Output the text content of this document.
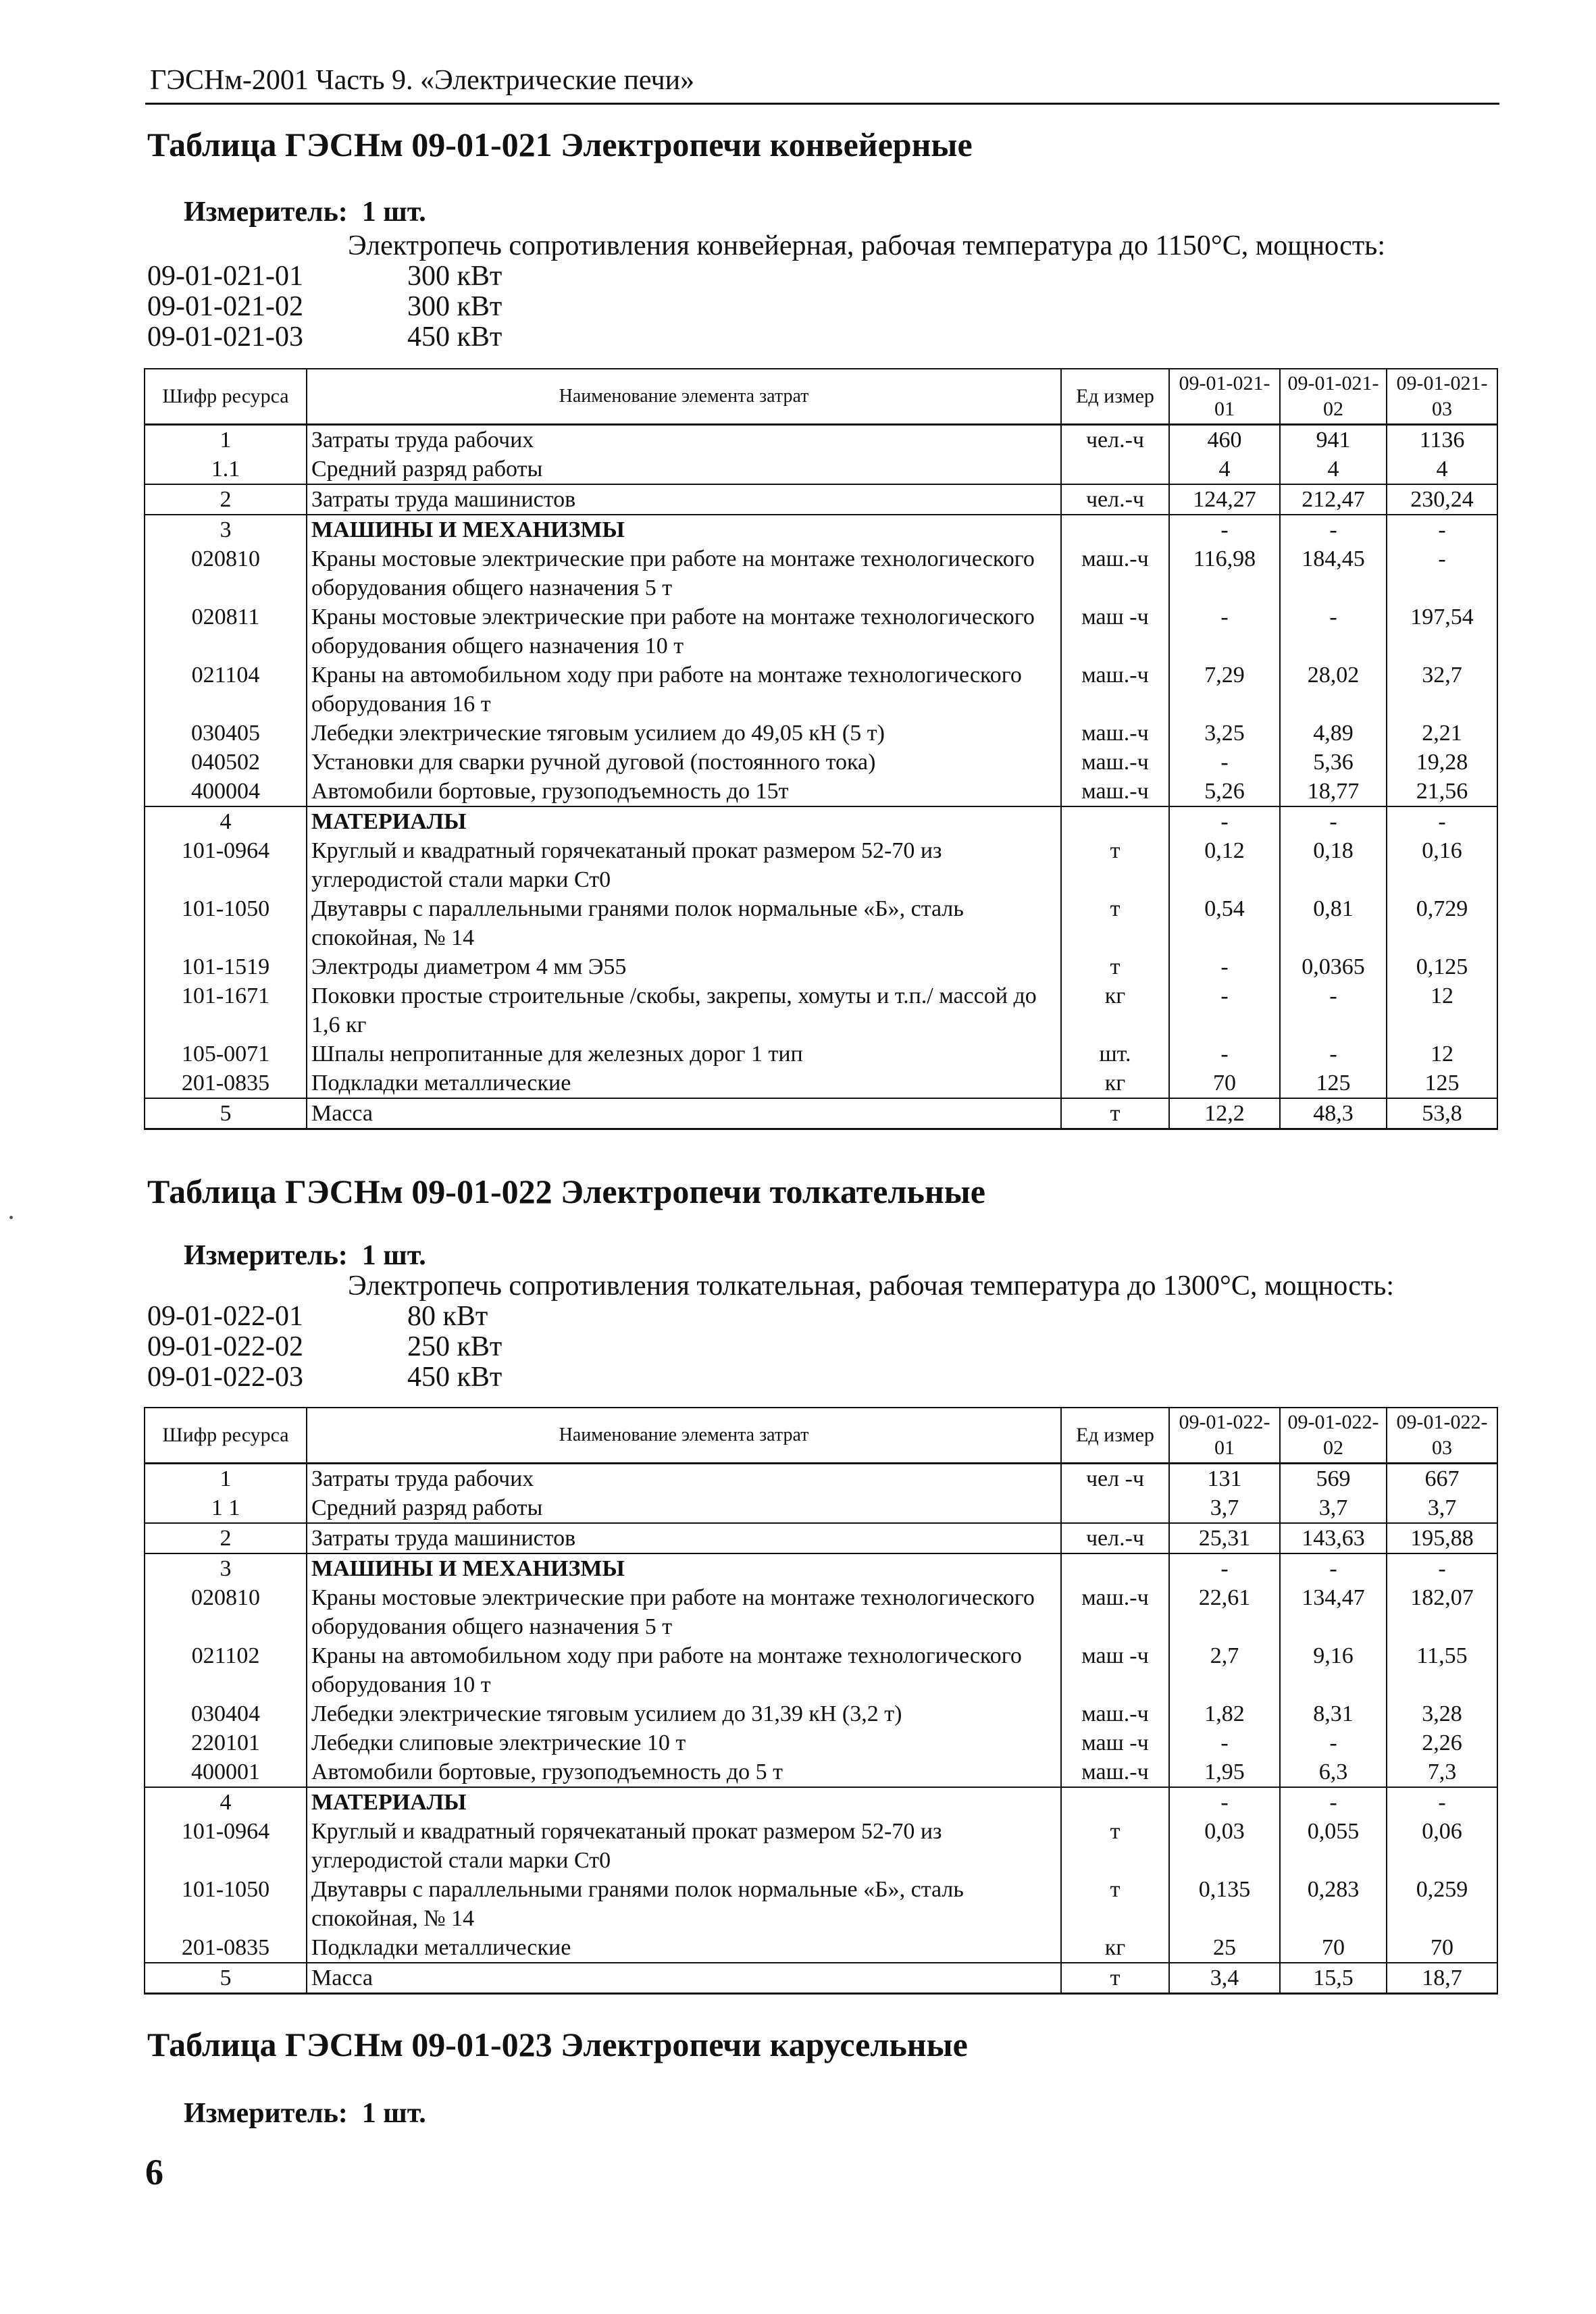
ГЭСНм-2001 Часть 9. «Электрические печи»
Таблица ГЭСНм 09-01-021 Электропечи конвейерные
Измеритель: 1 шт.
Электропечь сопротивления конвейерная, рабочая температура до 1150°С, мощность:
09-01-021-01	300 кВт
09-01-021-02	300 кВт
09-01-021-03	450 кВт
Шифр ресурса	Наименование элемента затрат	Ед измер	09-01-021-01	09-01-021-02	09-01-021-03
1	Затраты труда рабочих	чел.-ч	460	941	1136
1.1	Средний разряд работы		4	4	4
2	Затраты труда машинистов	чел.-ч	124,27	212,47	230,24
3	МАШИНЫ И МЕХАНИЗМЫ		-	-	-
020810	Краны мостовые электрические при работе на монтаже технологического оборудования общего назначения 5 т	маш.-ч	116,98	184,45	-
020811	Краны мостовые электрические при работе на монтаже технологического оборудования общего назначения 10 т	маш -ч	-	-	197,54
021104	Краны на автомобильном ходу при работе на монтаже технологического оборудования 16 т	маш.-ч	7,29	28,02	32,7
030405	Лебедки электрические тяговым усилием до 49,05 кН (5 т)	маш.-ч	3,25	4,89	2,21
040502	Установки для сварки ручной дуговой (постоянного тока)	маш.-ч	-	5,36	19,28
400004	Автомобили бортовые, грузоподъемность до 15т	маш.-ч	5,26	18,77	21,56
4	МАТЕРИАЛЫ		-	-	-
101-0964	Круглый и квадратный горячекатаный прокат размером 52-70 из углеродистой стали марки Ст0	т	0,12	0,18	0,16
101-1050	Двутавры с параллельными гранями полок нормальные «Б», сталь спокойная, № 14	т	0,54	0,81	0,729
101-1519	Электроды диаметром 4 мм Э55	т	-	0,0365	0,125
101-1671	Поковки простые строительные /скобы, закрепы, хомуты и т.п./ массой до 1,6 кг	кг	-	-	12
105-0071	Шпалы непропитанные для железных дорог 1 тип	шт.	-	-	12
201-0835	Подкладки металлические	кг	70	125	125
5	Масса	т	12,2	48,3	53,8
Таблица ГЭСНм 09-01-022 Электропечи толкательные
Измеритель: 1 шт.
Электропечь сопротивления толкательная, рабочая температура до 1300°С, мощность:
09-01-022-01	80 кВт
09-01-022-02	250 кВт
09-01-022-03	450 кВт
Шифр ресурса	Наименование элемента затрат	Ед измер	09-01-022-01	09-01-022-02	09-01-022-03
1	Затраты труда рабочих	чел -ч	131	569	667
1 1	Средний разряд работы		3,7	3,7	3,7
2	Затраты труда машинистов	чел.-ч	25,31	143,63	195,88
3	МАШИНЫ И МЕХАНИЗМЫ		-	-	-
020810	Краны мостовые электрические при работе на монтаже технологического оборудования общего назначения 5 т	маш.-ч	22,61	134,47	182,07
021102	Краны на автомобильном ходу при работе на монтаже технологического оборудования 10 т	маш -ч	2,7	9,16	11,55
030404	Лебедки электрические тяговым усилием до 31,39 кН (3,2 т)	маш.-ч	1,82	8,31	3,28
220101	Лебедки слиповые электрические 10 т	маш -ч	-	-	2,26
400001	Автомобили бортовые, грузоподъемность до 5 т	маш.-ч	1,95	6,3	7,3
4	МАТЕРИАЛЫ		-	-	-
101-0964	Круглый и квадратный горячекатаный прокат размером 52-70 из углеродистой стали марки Ст0	т	0,03	0,055	0,06
101-1050	Двутавры с параллельными гранями полок нормальные «Б», сталь спокойная, № 14	т	0,135	0,283	0,259
201-0835	Подкладки металлические	кг	25	70	70
5	Масса	т	3,4	15,5	18,7
Таблица ГЭСНм 09-01-023 Электропечи карусельные
Измеритель: 1 шт.
6
